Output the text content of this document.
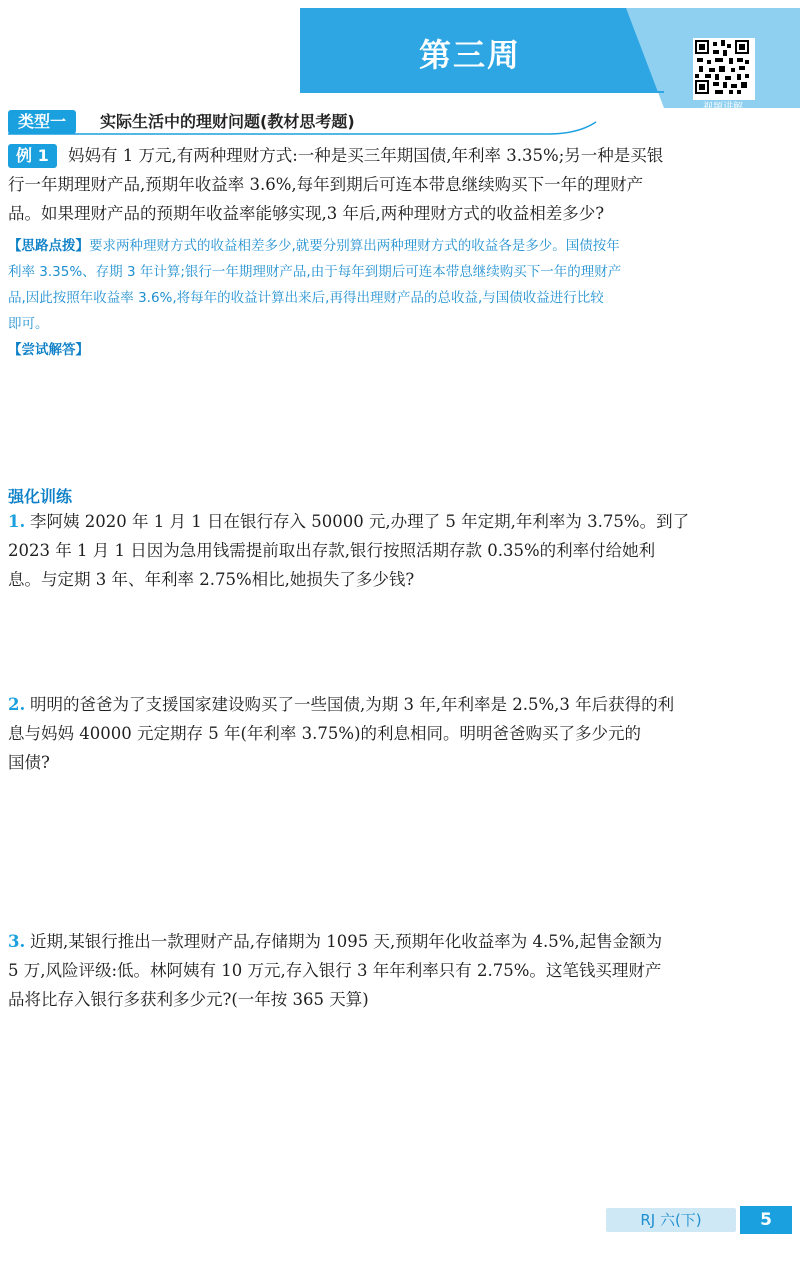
第三周
视频讲解
类型一	实际生活中的理财问题(教材思考题)
例 1	妈妈有 1 万元,有两种理财方式:一种是买三年期国债,年利率 3.35%;另一种是买银
行一年期理财产品,预期年收益率 3.6%,每年到期后可连本带息继续购买下一年的理财产
品。如果理财产品的预期年收益率能够实现,3 年后,两种理财方式的收益相差多少?
【思路点拨】要求两种理财方式的收益相差多少,就要分别算出两种理财方式的收益各是多少。国债按年
利率 3.35%、存期 3 年计算;银行一年期理财产品,由于每年到期后可连本带息继续购买下一年的理财产
品,因此按照年收益率 3.6%,将每年的收益计算出来后,再得出理财产品的总收益,与国债收益进行比较
即可。
【尝试解答】
强化训练
1. 李阿姨 2020 年 1 月 1 日在银行存入 50000 元,办理了 5 年定期,年利率为 3.75%。到了
2023 年 1 月 1 日因为急用钱需提前取出存款,银行按照活期存款 0.35%的利率付给她利
息。与定期 3 年、年利率 2.75%相比,她损失了多少钱?
2. 明明的爸爸为了支援国家建设购买了一些国债,为期 3 年,年利率是 2.5%,3 年后获得的利
息与妈妈 40000 元定期存 5 年(年利率 3.75%)的利息相同。明明爸爸购买了多少元的
国债?
3. 近期,某银行推出一款理财产品,存储期为 1095 天,预期年化收益率为 4.5%,起售金额为
5 万,风险评级:低。林阿姨有 10 万元,存入银行 3 年年利率只有 2.75%。这笔钱买理财产
品将比存入银行多获利多少元?(一年按 365 天算)
RJ 六(下)	5
